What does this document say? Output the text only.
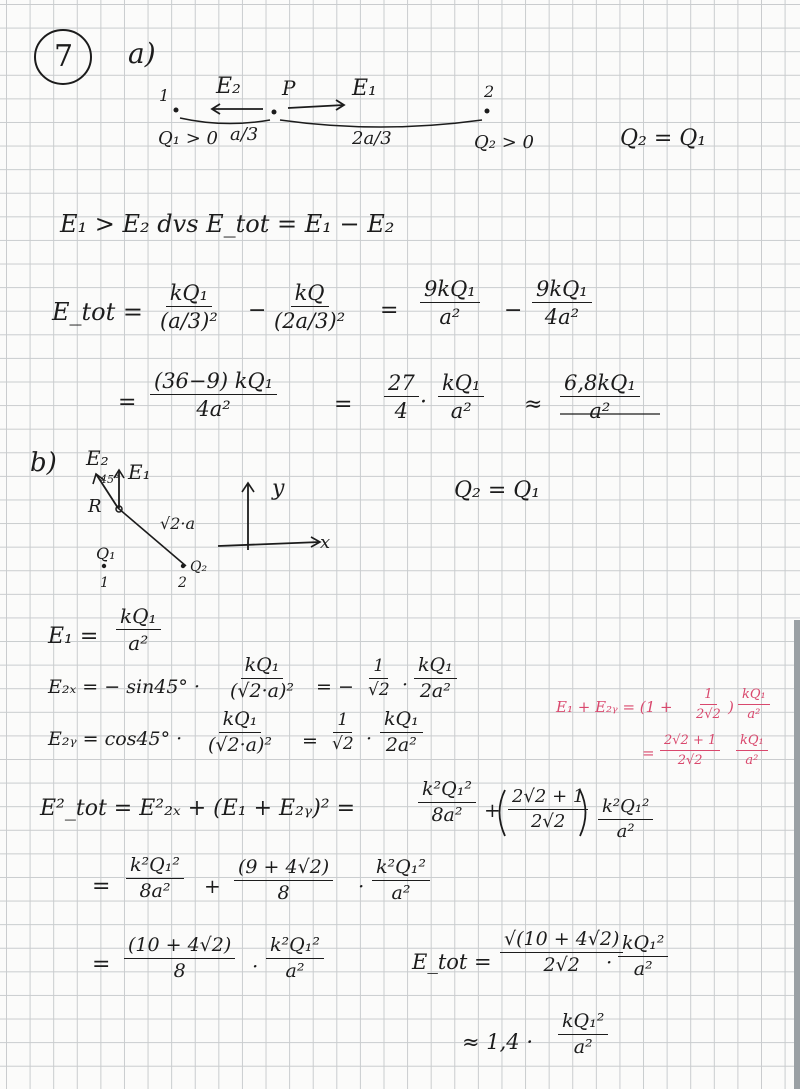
7 a)
1	2
E₂ P	E₁
Q₁ > 0 a/3	2a/3	Q₂ > 0	Q₂ = Q₁
E₁ > E₂ dvs E_tot = E₁ − E₂
E_tot = $\frac{\text{kQ₁}}{\text{(a/3)²}} - \frac{kQ}{\text{(2a/3)²}} = \frac{\text{9kQ₁}}{\text{a²}} - \frac{\text{9kQ₁}}{\text{4a²}}$
= $\frac{\text{(36−9) kQ₁}}{\text{4a²}}$	= $\frac{27}{4} \cdot \frac{\text{kQ₁}}{\text{a²}} \approx \frac{\text{6,8kQ₁}}{\text{a²}}$
b) E₂
45° E₁
R
√2·a
Q₁
1
Q₂
2
y
x
Q₂ = Q₁
$E_1 = \frac{\text{kQ₁}}{\text{a²}}$
E₂ₓ = − $\sin 45^\circ \cdot \frac{\text{kQ₁}}{\text{(√2·a)²}}$ = − $\frac{1}{√2} \cdot \frac{\text{kQ₁}}{\text{2a²}}$
E₂ᵧ = $\cos 45^\circ \cdot \frac{\text{kQ₁}}{\text{(√2·a)²}} = \frac{1}{√2} \cdot \frac{\text{kQ₁}}{\text{2a²}}$
E²_tot = E²₂ₓ + (E₁ + E₂ᵧ)² =	$\frac{\text{k²Q₁²}}{\text{8a²}} + \frac{2√2 + 1}{2√2} \frac{\text{k²Q₁²}}{\text{a²}}$
= $\frac{\text{k²Q₁²}}{\text{8a²}} + \frac{(9 + 4√2)}{8} \cdot \frac{\text{k²Q₁²}}{\text{a²}}$
= $\frac{(10 + 4√2)}{8} \cdot \frac{\text{k²Q₁²}}{\text{a²}}$	E_tot = $\frac{√(10 + 4√2)}{2√2}$
· $\frac{\text{kQ₁²}}{\text{a²}}$
≈ $1,4 \cdot \frac{\text{kQ₁²}}{\text{a²}}$
E₁ + E₂ᵧ = ($1 + \frac{1}{2√2}$ ) $\frac{\text{kQ₁}}{\text{a²}}$
= $\frac{2√2 + 1}{2√2} \frac{\text{kQ₁}}{\text{a²}}$
